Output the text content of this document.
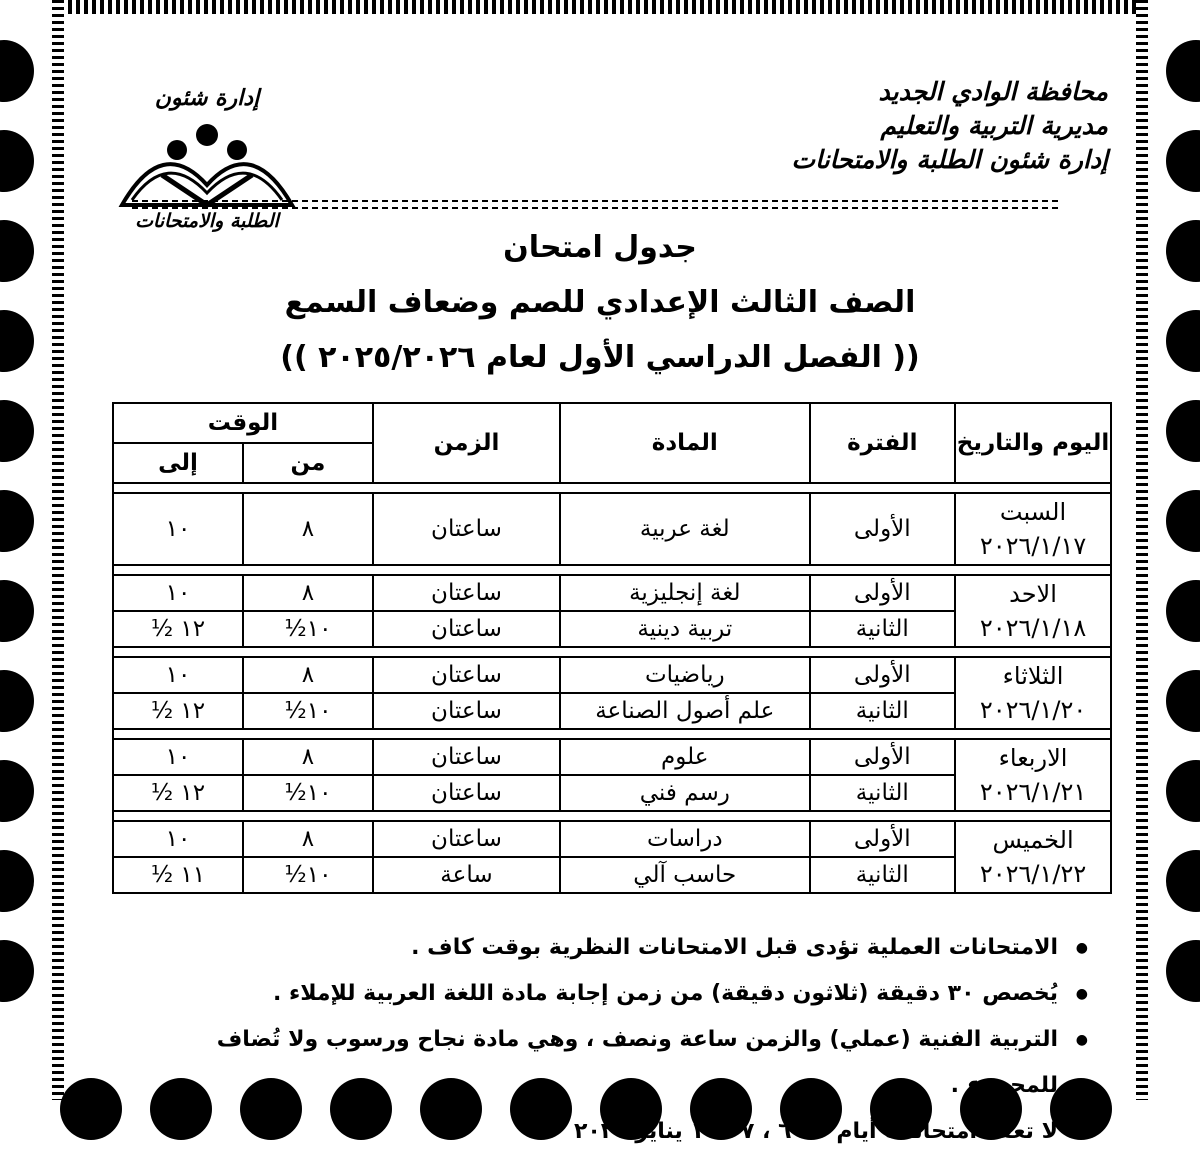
محافظة الوادي الجديد
مديرية التربية والتعليم
إدارة شئون الطلبة والامتحانات
إدارة شئون
الطلبة والامتحانات
جدول امتحان
الصف الثالث الإعدادي للصم وضعاف السمع
(( الفصل الدراسي الأول لعام ٢٠٢٥/٢٠٢٦ ))
اليوم والتاريخ	الفترة	المادة	الزمن	الوقت	
				من	إلى

السبت
٢٠٢٦/١/١٧	الأولى	لغة عربية	ساعتان	٨	١٠

الاحد
٢٠٢٦/١/١٨	الأولى	لغة إنجليزية	ساعتان	٨	١٠
	الثانية	تربية دينية	ساعتان	١٠½	١٢ ½

الثلاثاء
٢٠٢٦/١/٢٠	الأولى	رياضيات	ساعتان	٨	١٠
	الثانية	علم أصول الصناعة	ساعتان	١٠½	١٢ ½

الاربعاء
٢٠٢٦/١/٢١	الأولى	علوم	ساعتان	٨	١٠
	الثانية	رسم فني	ساعتان	١٠½	١٢ ½

الخميس
٢٠٢٦/١/٢٢	الأولى	دراسات	ساعتان	٨	١٠
	الثانية	حاسب آلي	ساعة	١٠½	١١ ½
● الامتحانات العملية تؤدى قبل الامتحانات النظرية بوقت كاف .
● يُخصص ٣٠ دقيقة (ثلاثون دقيقة) من زمن إجابة مادة اللغة العربية للإملاء .
● التربية الفنية (عملي) والزمن ساعة ونصف ، وهي مادة نجاح ورسوب ولا تُضاف للمجموع .
● لا تعقد امتحانات أيام ٣ ، ٦ ، ٧ ، ١٩ يناير ٢٠٢٦
